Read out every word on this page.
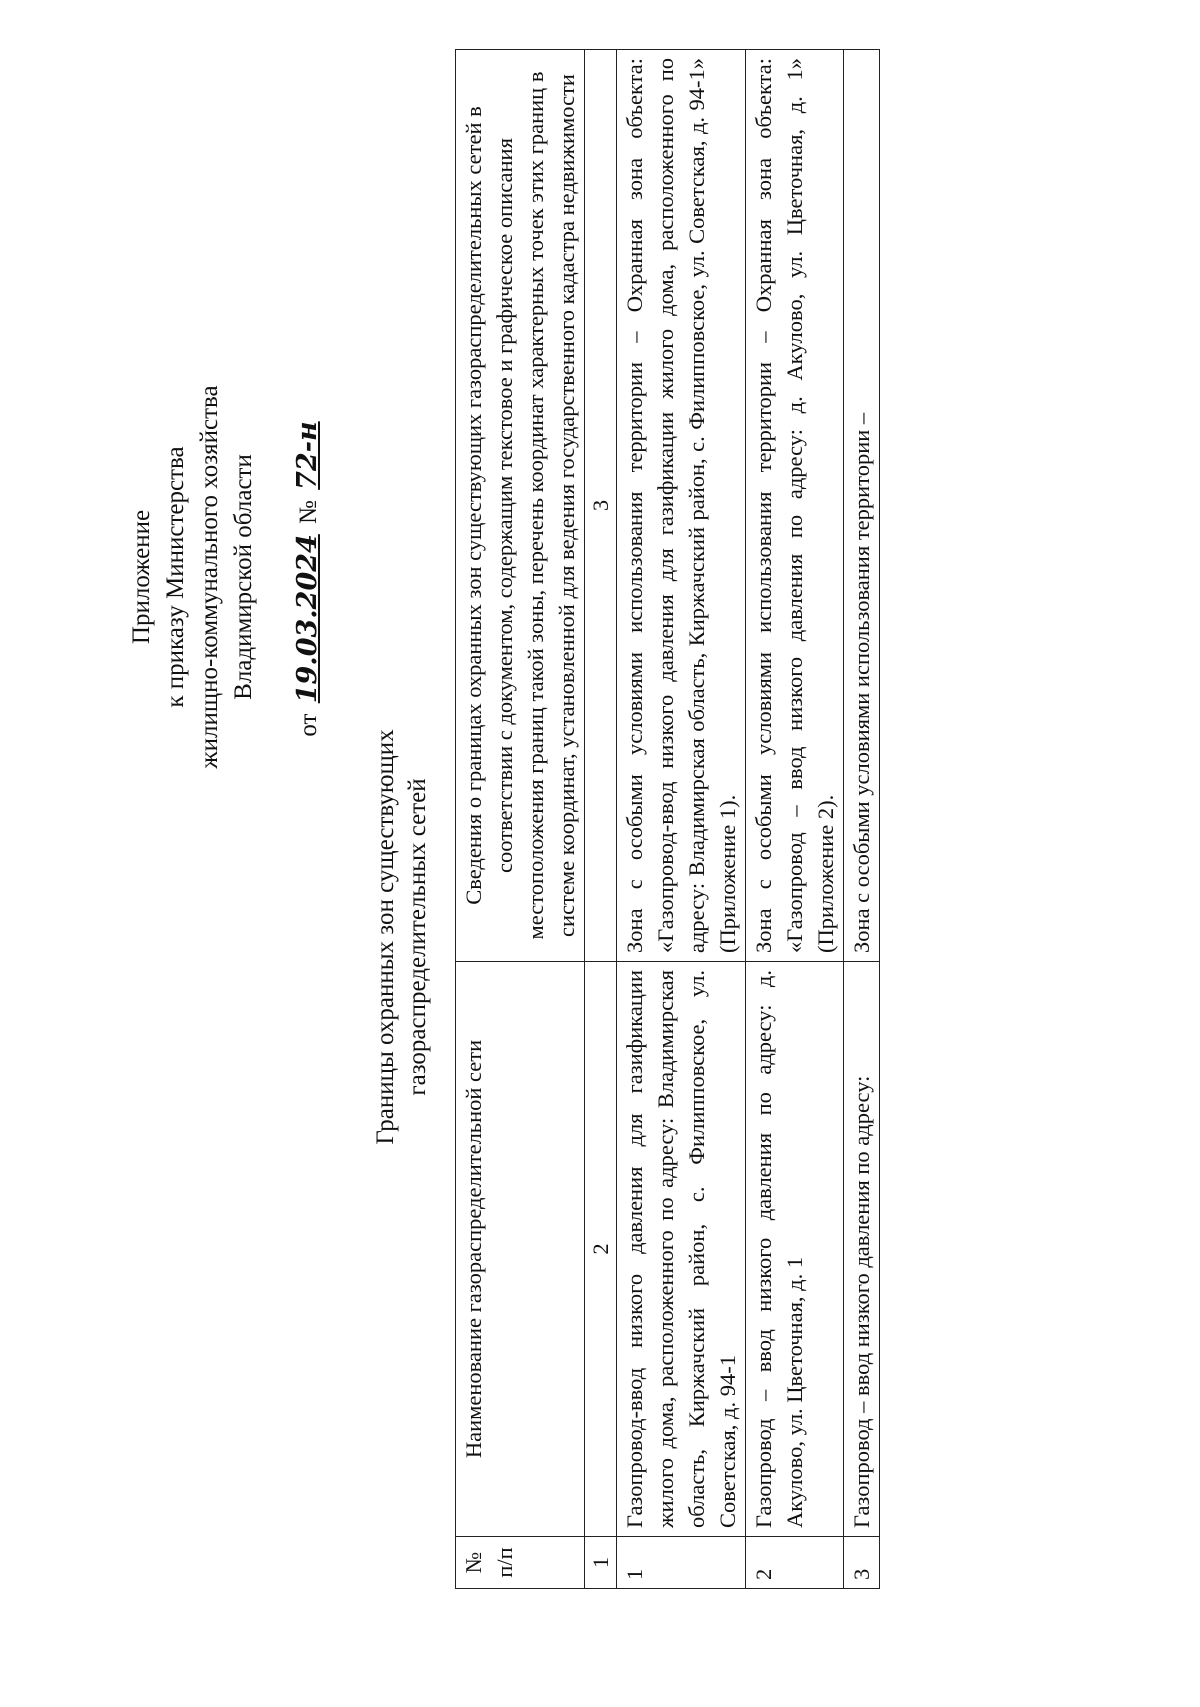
Приложение к приказу Министерства жилищно-коммунального хозяйства Владимирской области
от 19.03.2024 № 72-н
Границы охранных зон существующих газораспределительных сетей
№ п/п	Наименование газораспределительной сети	Сведения о границах охранных зон существующих газораспределительных сетей в соответствии с документом, содержащим текстовое и графическое описания местоположения границ такой зоны, перечень координат характерных точек этих границ в системе координат, установленной для ведения государственного кадастра недвижимости
1	2	3
1	Газопровод-ввод низкого давления для газификации жилого дома, расположенного по адресу: Владимирская область, Киржачский район, с. Филипповское, ул. Советская, д. 94-1	Зона с особыми условиями использования территории – Охранная зона объекта: «Газопровод-ввод низкого давления для газификации жилого дома, расположенного по адресу: Владимирская область, Киржачский район, с. Филипповское, ул. Советская, д. 94-1» (Приложение 1).
2	Газопровод – ввод низкого давления по адресу: д. Акулово, ул. Цветочная, д. 1	Зона с особыми условиями использования территории – Охранная зона объекта: «Газопровод – ввод низкого давления по адресу: д. Акулово, ул. Цветочная, д. 1» (Приложение 2).
3	Газопровод – ввод низкого давления по адресу:	Зона с особыми условиями использования территории –
